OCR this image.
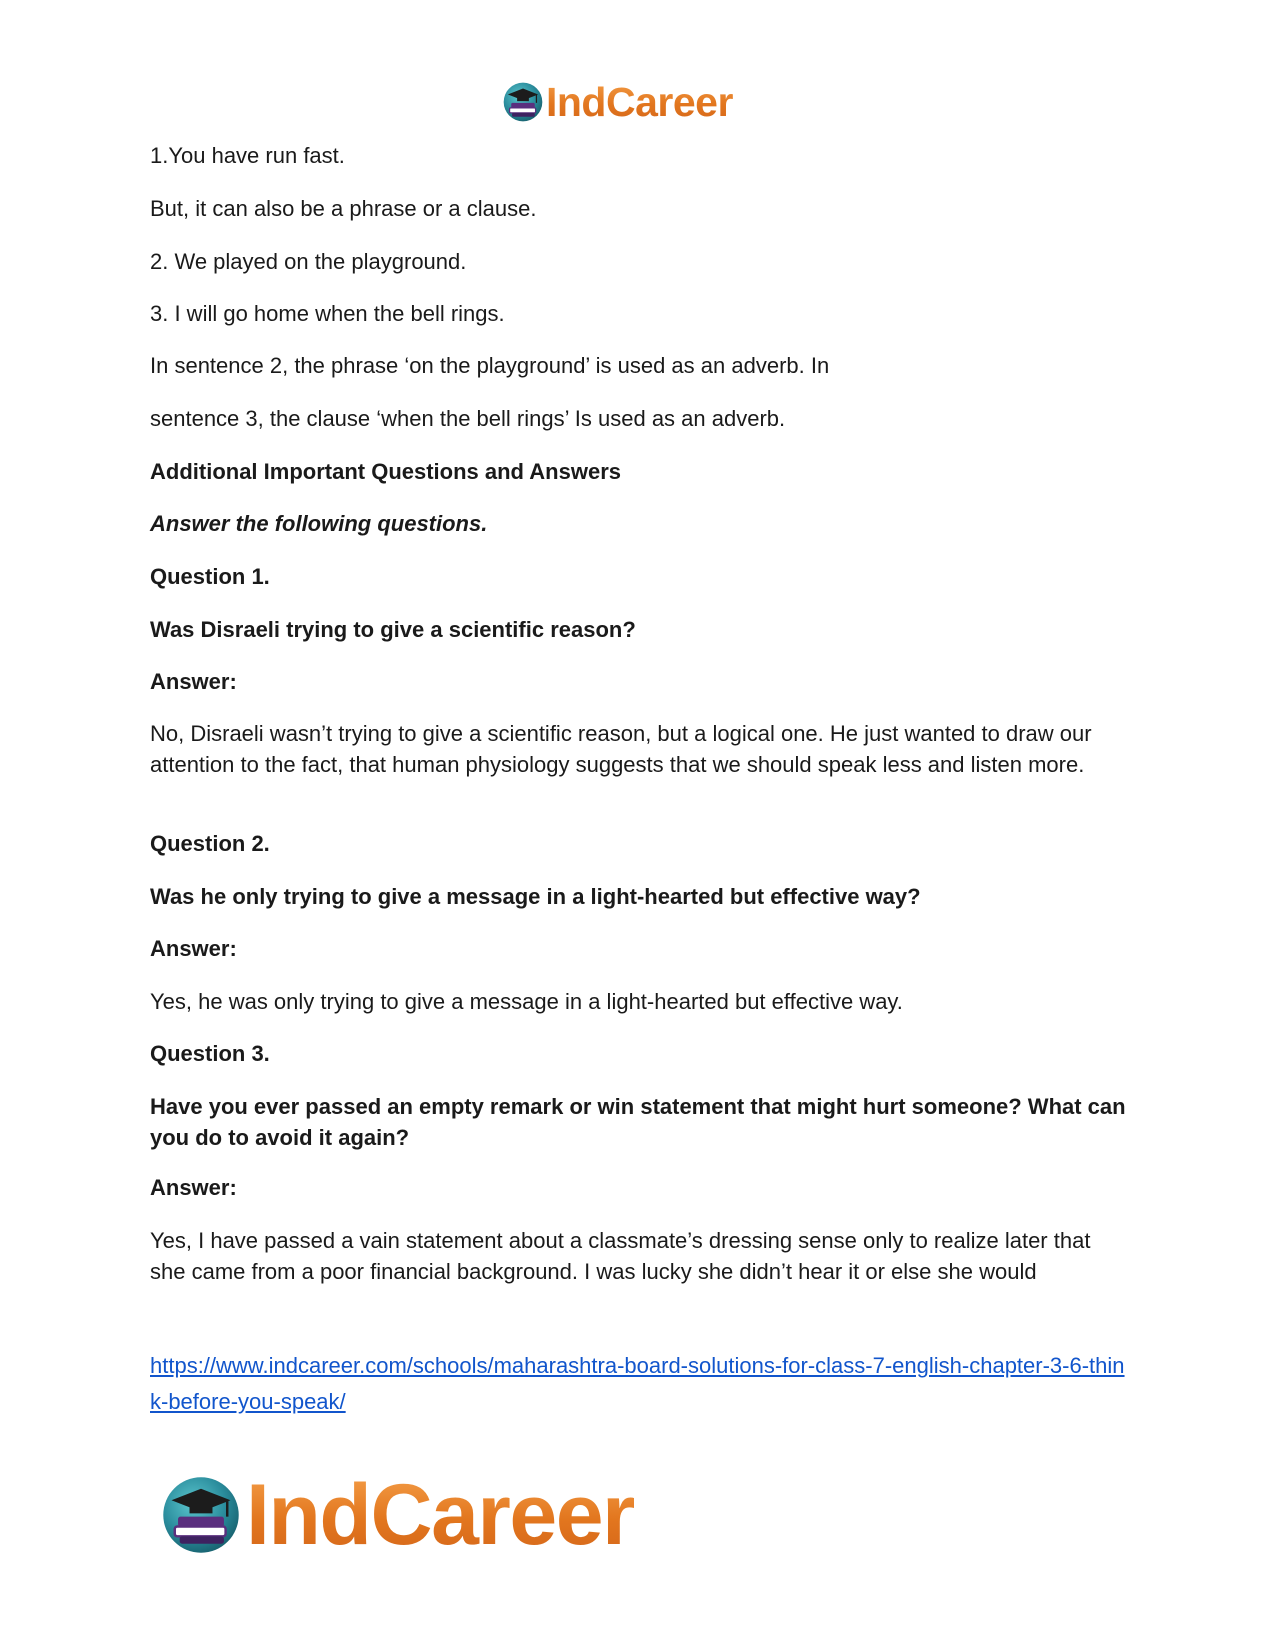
IndCareer
1.You have run fast.
But, it can also be a phrase or a clause.
2. We played on the playground.
3. I will go home when the bell rings.
In sentence 2, the phrase ‘on the playground’ is used as an adverb. In
sentence 3, the clause ‘when the bell rings’ Is used as an adverb.
Additional Important Questions and Answers
Answer the following questions.
Question 1.
Was Disraeli trying to give a scientific reason?
Answer:
No, Disraeli wasn’t trying to give a scientific reason, but a logical one. He just wanted to draw our attention to the fact, that human physiology suggests that we should speak less and listen more.
Question 2.
Was he only trying to give a message in a light-hearted but effective way?
Answer:
Yes, he was only trying to give a message in a light-hearted but effective way.
Question 3.
Have you ever passed an empty remark or win statement that might hurt someone? What can you do to avoid it again?
Answer:
Yes, I have passed a vain statement about a classmate’s dressing sense only to realize later that she came from a poor financial background. I was lucky she didn’t hear it or else she would
https://www.indcareer.com/schools/maharashtra-board-solutions-for-class-7-english-chapter-3-6-think-before-you-speak/
IndCareer
